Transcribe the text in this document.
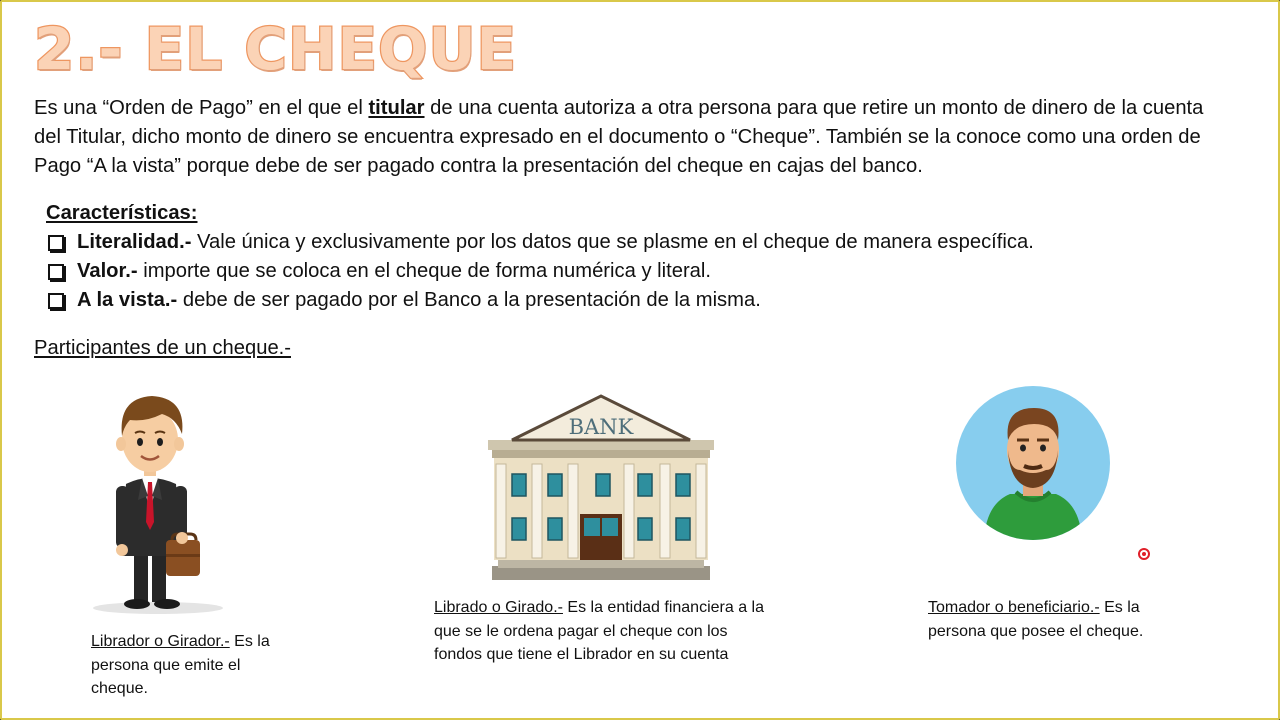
2.- EL CHEQUE

Es una “Orden de Pago” en el que el titular de una cuenta autoriza a otra persona para que retire un monto de dinero de la cuenta del Titular, dicho monto de dinero se encuentra expresado en el documento o “Cheque”. También se la conoce como una orden de Pago “A la vista” porque debe de ser pagado contra la presentación del cheque en cajas del banco.

Características:

Literalidad.- Vale única y exclusivamente por los datos que se plasme en el cheque de manera específica.
Valor.- importe que se coloca en el cheque de forma numérica y literal.
A la vista.- debe de ser pagado por el Banco a la presentación de la misma.

Participantes de un cheque.-

BANK

Librador o Girador.- Es la persona que emite el cheque.

Librado o Girado.- Es la entidad financiera a la que se le ordena pagar el cheque con los fondos que tiene el Librador en su cuenta

Tomador o beneficiario.- Es la persona que posee el cheque.
